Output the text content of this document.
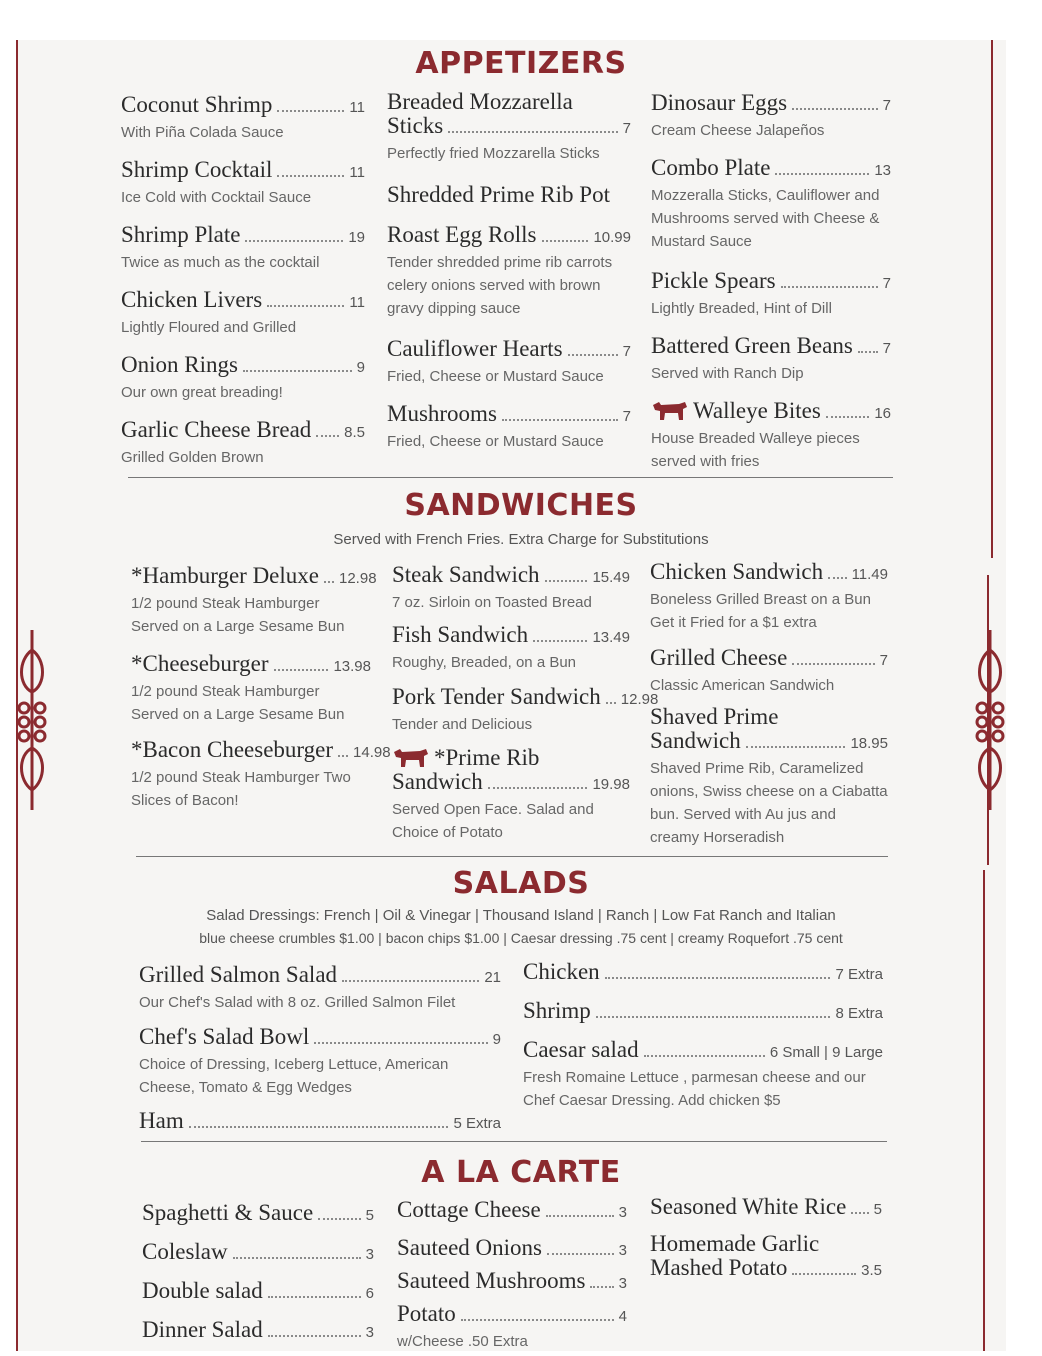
APPETIZERS
Coconut Shrimp	11
With Piña Colada Sauce
Shrimp Cocktail	11
Ice Cold with Cocktail Sauce
Shrimp Plate	19
Twice as much as the cocktail
Chicken Livers	11
Lightly Floured and Grilled
Onion Rings	9
Our own great breading!
Garlic Cheese Bread 8.5
Grilled Golden Brown
Breaded Mozzarella
Sticks	7
Perfectly fried Mozzarella Sticks
Shredded Prime Rib Pot
Roast Egg Rolls	10.99
Tender shredded prime rib carrots celery onions served with brown gravy dipping sauce
Cauliflower Hearts	7
Fried, Cheese or Mustard Sauce
Mushrooms	7
Fried, Cheese or Mustard Sauce
Dinosaur Eggs	7
Cream Cheese Jalapeños
Combo Plate	13
Mozzeralla Sticks, Cauliflower and Mushrooms served with Cheese & Mustard Sauce
Pickle Spears	7
Lightly Breaded, Hint of Dill
Battered Green Beans 7
Served with Ranch Dip
Walleye Bites	16
House Breaded Walleye pieces served with fries
SANDWICHES
Served with French Fries. Extra Charge for Substitutions
*Hamburger Deluxe 12.98
1/2 pound Steak Hamburger Served on a Large Sesame Bun
*Cheeseburger	13.98
1/2 pound Steak Hamburger Served on a Large Sesame Bun
*Bacon Cheeseburger 14.98
1/2 pound Steak Hamburger Two Slices of Bacon!
Steak Sandwich	15.49
7 oz. Sirloin on Toasted Bread
Fish Sandwich	13.49
Roughy, Breaded, on a Bun
Pork Tender Sandwich 12.98
Tender and Delicious
*Prime Rib
Sandwich	19.98
Served Open Face. Salad and Choice of Potato
Chicken Sandwich 11.49
Boneless Grilled Breast on a Bun Get it Fried for a $1 extra
Grilled Cheese	7
Classic American Sandwich
Shaved Prime
Sandwich	18.95
Shaved Prime Rib, Caramelized onions, Swiss cheese on a Ciabatta bun. Served with Au jus and creamy Horseradish
SALADS
Salad Dressings: French | Oil & Vinegar | Thousand Island | Ranch | Low Fat Ranch and Italian
blue cheese crumbles $1.00 | bacon chips $1.00 | Caesar dressing .75 cent | creamy Roquefort .75 cent
Grilled Salmon Salad	21
Our Chef's Salad with 8 oz. Grilled Salmon Filet
Chef's Salad Bowl	9
Choice of Dressing, Iceberg Lettuce, American Cheese, Tomato & Egg Wedges
Ham	5 Extra
Chicken	7 Extra
Shrimp	8 Extra
Caesar salad	6 Small | 9 Large
Fresh Romaine Lettuce , parmesan cheese and our Chef Caesar Dressing. Add chicken $5
A LA CARTE
Spaghetti & Sauce	5
Coleslaw	3
Double salad	6
Dinner Salad	3
Cottage Cheese	3
Sauteed Onions	3
Sauteed Mushrooms 3
Potato	4
w/Cheese .50 Extra
Seasoned White Rice 5
Homemade Garlic
Mashed Potato	3.5
